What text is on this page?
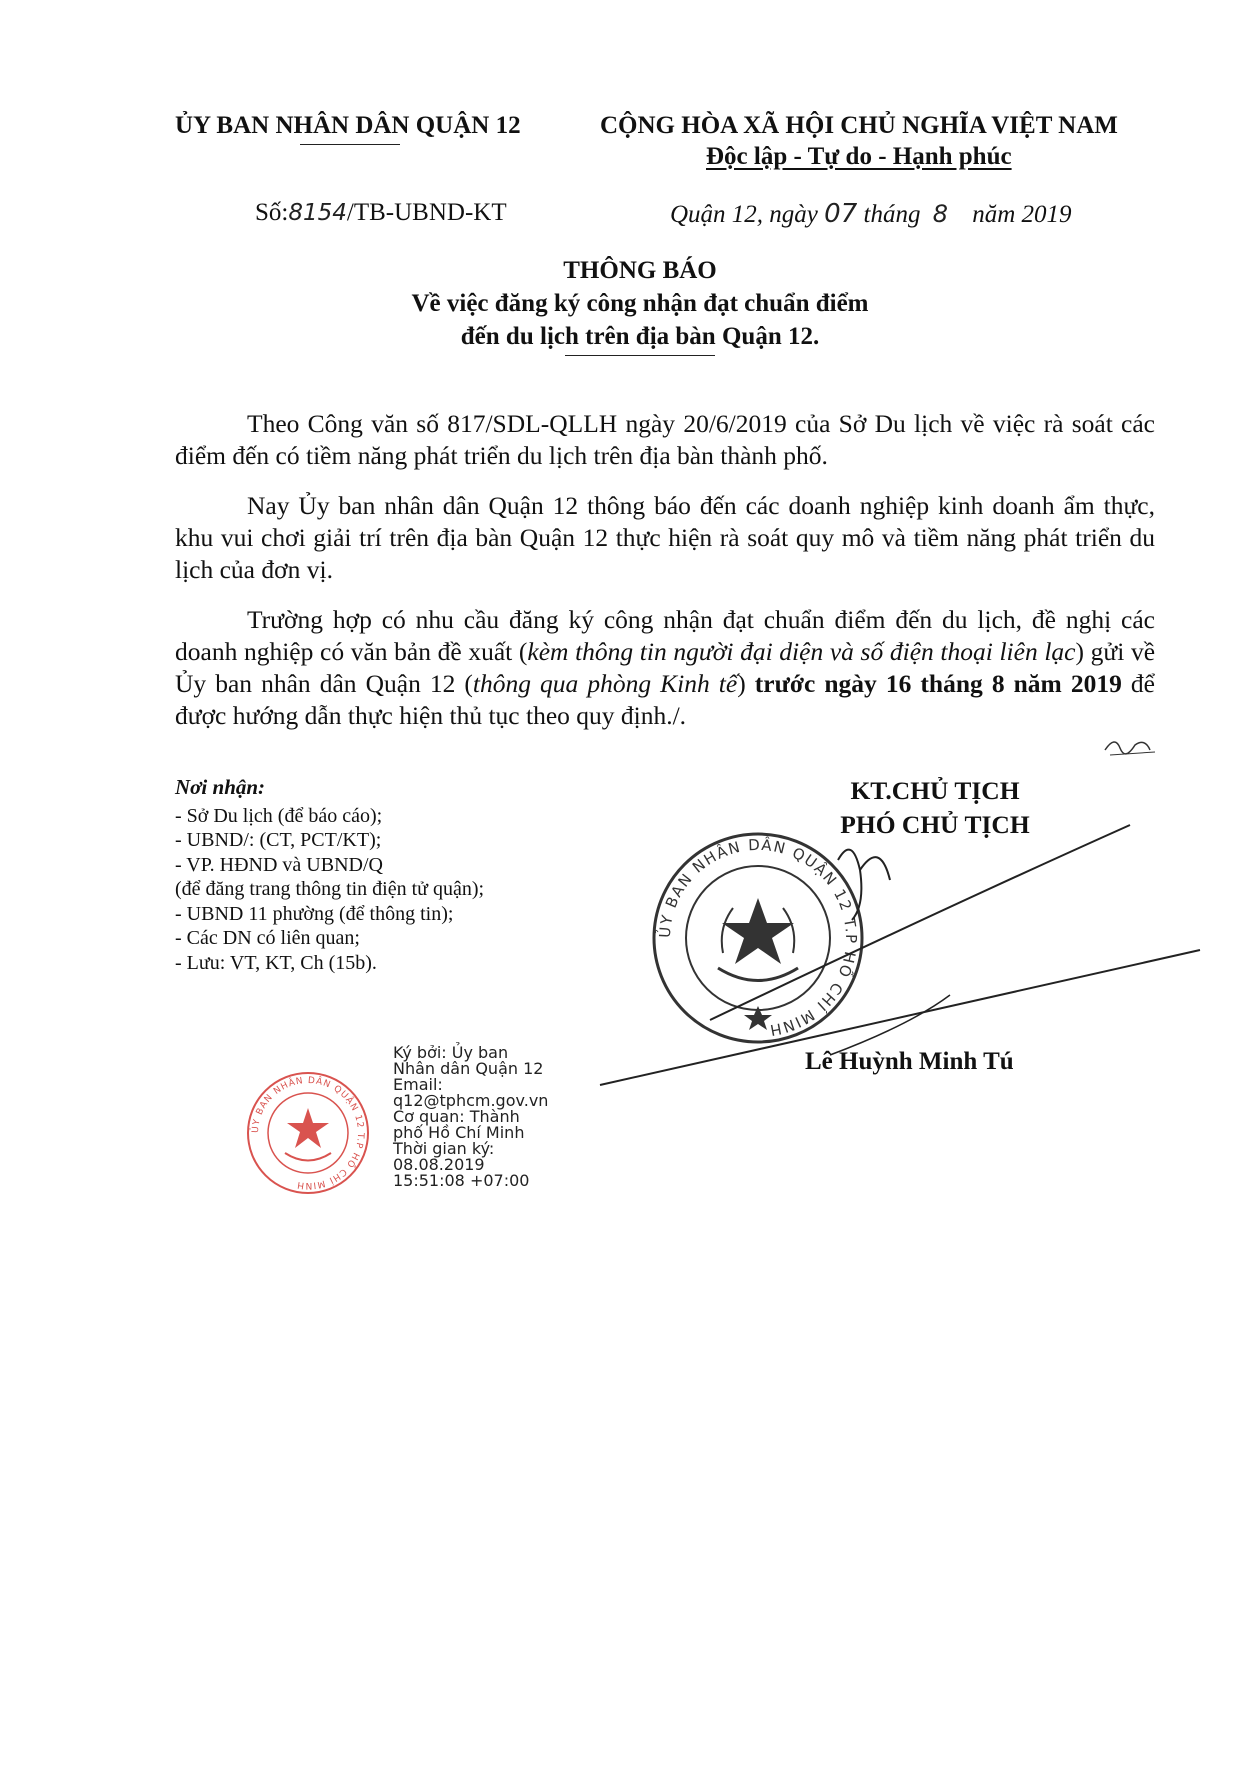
ỦY BAN NHÂN DÂN QUẬN 12	CỘNG HÒA XÃ HỘI CHỦ NGHĨA VIỆT NAM
Độc lập - Tự do - Hạnh phúc
Số:8154/TB-UBND-KT	Quận 12, ngày 07 tháng 8 năm 2019
THÔNG BÁO
Về việc đăng ký công nhận đạt chuẩn điểm
đến du lịch trên địa bàn Quận 12.
Theo Công văn số 817/SDL-QLLH ngày 20/6/2019 của Sở Du lịch về việc rà soát các điểm đến có tiềm năng phát triển du lịch trên địa bàn thành phố.
Nay Ủy ban nhân dân Quận 12 thông báo đến các doanh nghiệp kinh doanh ẩm thực, khu vui chơi giải trí trên địa bàn Quận 12 thực hiện rà soát quy mô và tiềm năng phát triển du lịch của đơn vị.
Trường hợp có nhu cầu đăng ký công nhận đạt chuẩn điểm đến du lịch, đề nghị các doanh nghiệp có văn bản đề xuất (kèm thông tin người đại diện và số điện thoại liên lạc) gửi về Ủy ban nhân dân Quận 12 (thông qua phòng Kinh tế) trước ngày 16 tháng 8 năm 2019 để được hướng dẫn thực hiện thủ tục theo quy định./.
Nơi nhận:
- Sở Du lịch (để báo cáo);
- UBND/: (CT, PCT/KT);
- VP. HĐND và UBND/Q
(để đăng trang thông tin điện tử quận);
- UBND 11 phường (để thông tin);
- Các DN có liên quan;
- Lưu: VT, KT, Ch (15b).
KT.CHỦ TỊCH
PHÓ CHỦ TỊCH
ỦY BAN NHÂN DÂN QUẬN 12 T.P HỒ CHÍ MINH
Lê Huỳnh Minh Tú
ỦY BAN NHÂN DÂN QUẬN 12 T.P HỒ CHÍ MINH
Ký bởi: Ủy ban
Nhân dân Quận 12
Email:
q12@tphcm.gov.vn
Cơ quan: Thành
phố Hồ Chí Minh
Thời gian ký:
08.08.2019
15:51:08 +07:00
